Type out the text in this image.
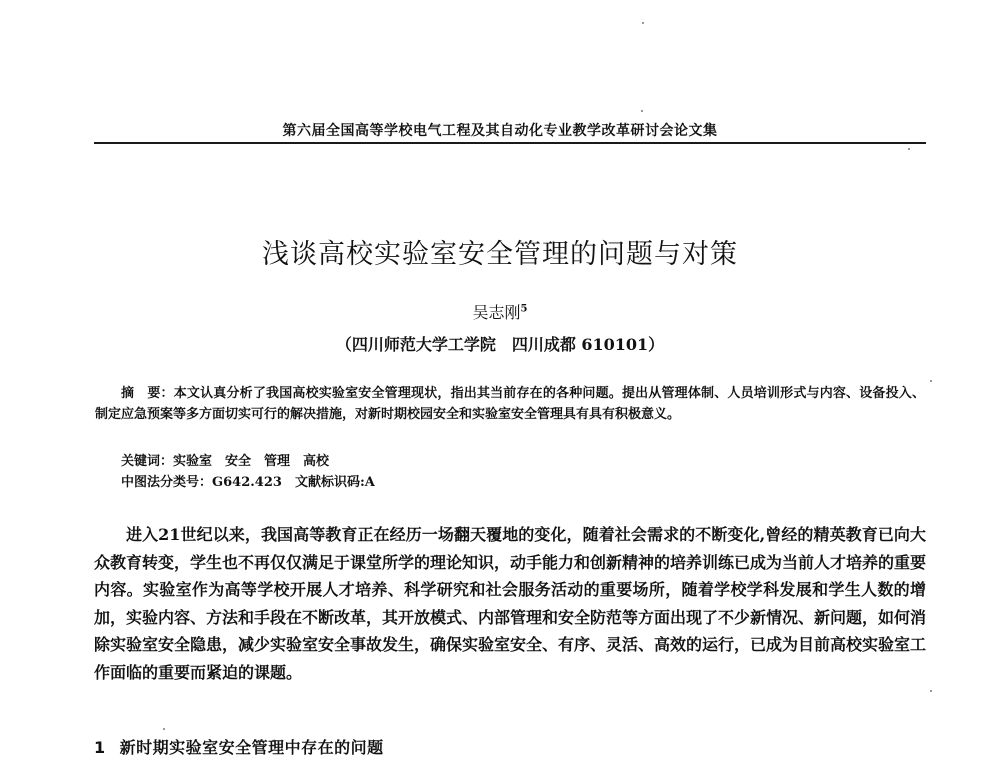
第六届全国高等学校电气工程及其自动化专业教学改革研讨会论文集
浅谈高校实验室安全管理的问题与对策
吴志刚$^5$
（四川师范大学工学院　四川成都 610101）
摘　要：本文认真分析了我国高校实验室安全管理现状，指出其当前存在的各种问题。提出从管理体制、人员培训形式与内容、设备投入、制定应急预案等多方面切实可行的解决措施，对新时期校园安全和实验室安全管理具有具有积极意义。
关键词：实验室　安全　管理　高校
中图法分类号：G642.423　 文献标识码:A
进入21世纪以来，我国高等教育正在经历一场翻天覆地的变化，随着社会需求的不断变化,曾经的精英教育已向大众教育转变，学生也不再仅仅满足于课堂所学的理论知识，动手能力和创新精神的培养训练已成为当前人才培养的重要内容。实验室作为高等学校开展人才培养、科学研究和社会服务活动的重要场所，随着学校学科发展和学生人数的增加，实验内容、方法和手段在不断改革，其开放模式、内部管理和安全防范等方面出现了不少新情况、新问题，如何消除实验室安全隐患，减少实验室安全事故发生，确保实验室安全、有序、灵活、高效的运行，已成为目前高校实验室工作面临的重要而紧迫的课题。
1 新时期实验室安全管理中存在的问题
